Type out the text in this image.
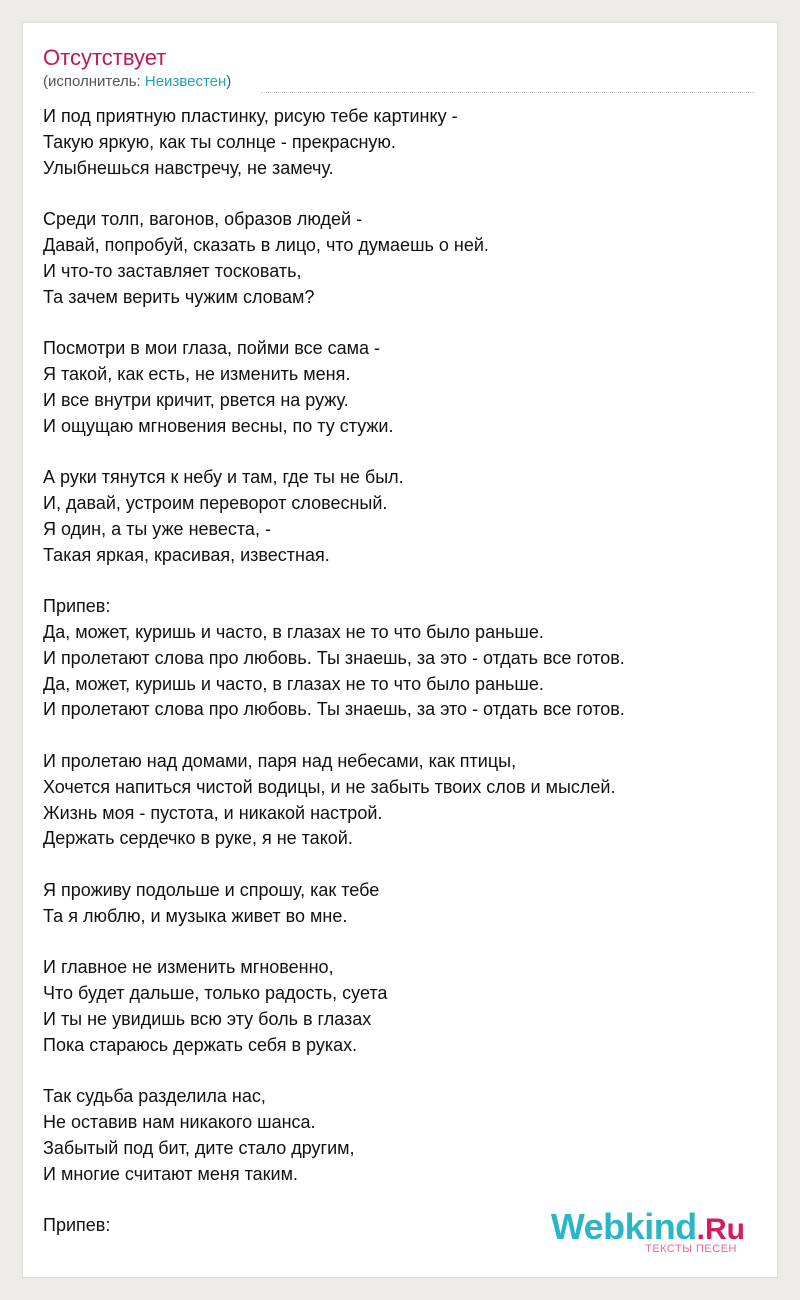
Отсутствует
(исполнитель: Неизвестен)

И под приятную пластинку, рисую тебе картинку -
Такую яркую, как ты солнце - прекрасную.
Улыбнешься навстречу, не замечу.

Среди толп, вагонов, образов людей -
Давай, попробуй, сказать в лицо, что думаешь о ней.
И что-то заставляет тосковать,
Та зачем верить чужим словам?

Посмотри в мои глаза, пойми все сама -
Я такой, как есть, не изменить меня.
И все внутри кричит, рвется на ружу.
И ощущаю мгновения весны, по ту стужи.

А руки тянутся к небу и там, где ты не был.
И, давай, устроим переворот словесный.
Я один, а ты уже невеста, -
Такая яркая, красивая, известная.

Припев:
Да, может, куришь и часто, в глазах не то что было раньше.
И пролетают слова про любовь. Ты знаешь, за это - отдать все готов.
Да, может, куришь и часто, в глазах не то что было раньше.
И пролетают слова про любовь. Ты знаешь, за это - отдать все готов.

И пролетаю над домами, паря над небесами, как птицы,
Хочется напиться чистой водицы, и не забыть твоих слов и мыслей.
Жизнь моя - пустота, и никакой настрой.
Держать сердечко в руке, я не такой.

Я проживу подольше и спрошу, как тебе
Та я люблю, и музыка живет во мне.

И главное не изменить мгновенно,
Что будет дальше, только радость, суета
И ты не увидишь всю эту боль в глазах
Пока стараюсь держать себя в руках.

Так судьба разделила нас,
Не оставив нам никакого шанса.
Забытый под бит, дите стало другим,
И многие считают меня таким.

Припев:	Webkind.Ru
ТЕКСТЫ ПЕСЕН
